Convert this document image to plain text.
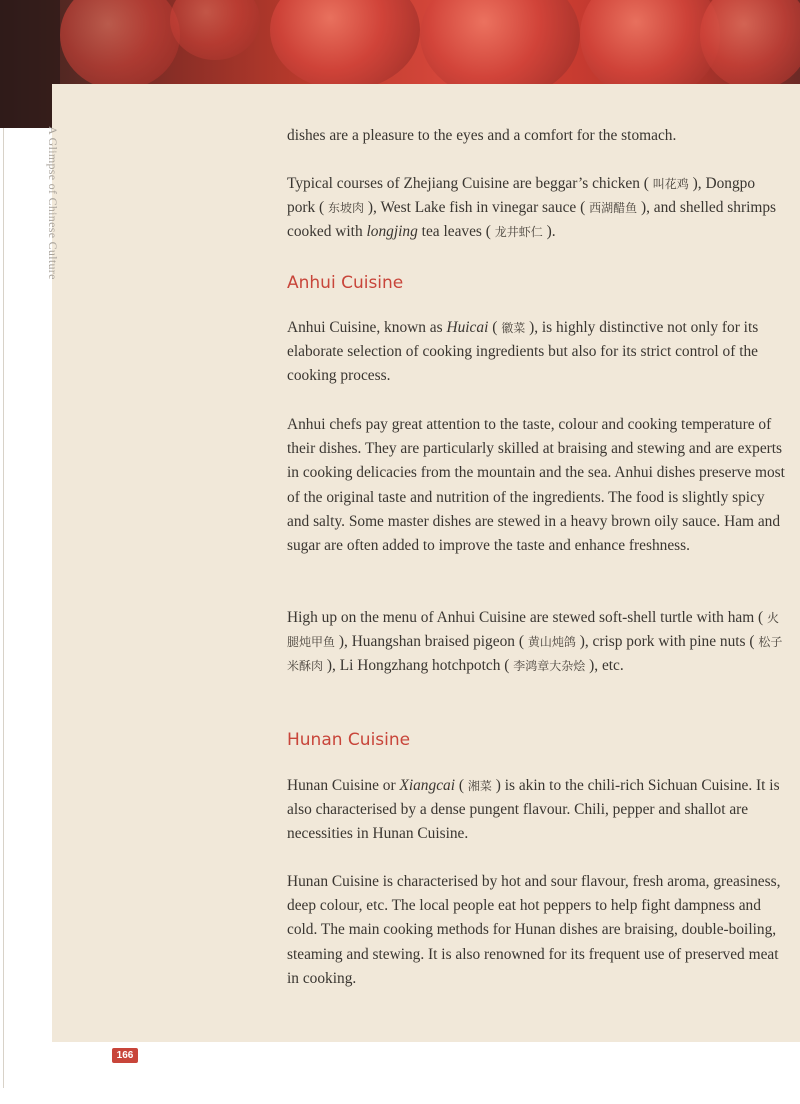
A Glimpse of Chinese Culture	dishes are a pleasure to the eyes and a comfort for the stomach.

Typical courses of Zhejiang Cuisine are beggar’s chicken ( 叫花鸡 ), Dongpo pork ( 东坡肉 ), West Lake fish in vinegar sauce ( 西湖醋鱼 ), and shelled shrimps cooked with longjing tea leaves ( 龙井虾仁 ).

Anhui Cuisine

Anhui Cuisine, known as Huicai ( 徽菜 ), is highly distinctive not only for its elaborate selection of cooking ingredients but also for its strict control of the cooking process.

Anhui chefs pay great attention to the taste, colour and cooking temperature of their dishes. They are particularly skilled at braising and stewing and are experts in cooking delicacies from the mountain and the sea. Anhui dishes preserve most of the original taste and nutrition of the ingredients. The food is slightly spicy and salty. Some master dishes are stewed in a heavy brown oily sauce. Ham and sugar are often added to improve the taste and enhance freshness.

High up on the menu of Anhui Cuisine are stewed soft-shell turtle with ham ( 火腿炖甲鱼 ), Huangshan braised pigeon ( 黄山炖鸽 ), crisp pork with pine nuts ( 松子米酥肉 ), Li Hongzhang hotchpotch ( 李鸿章大杂烩 ), etc.

Hunan Cuisine

Hunan Cuisine or Xiangcai ( 湘菜 ) is akin to the chili-rich Sichuan Cuisine. It is also characterised by a dense pungent flavour. Chili, pepper and shallot are necessities in Hunan Cuisine.

Hunan Cuisine is characterised by hot and sour flavour, fresh aroma, greasiness, deep colour, etc. The local people eat hot peppers to help fight dampness and cold. The main cooking methods for Hunan dishes are braising, double-boiling, steaming and stewing. It is also renowned for its frequent use of preserved meat in cooking.

166
